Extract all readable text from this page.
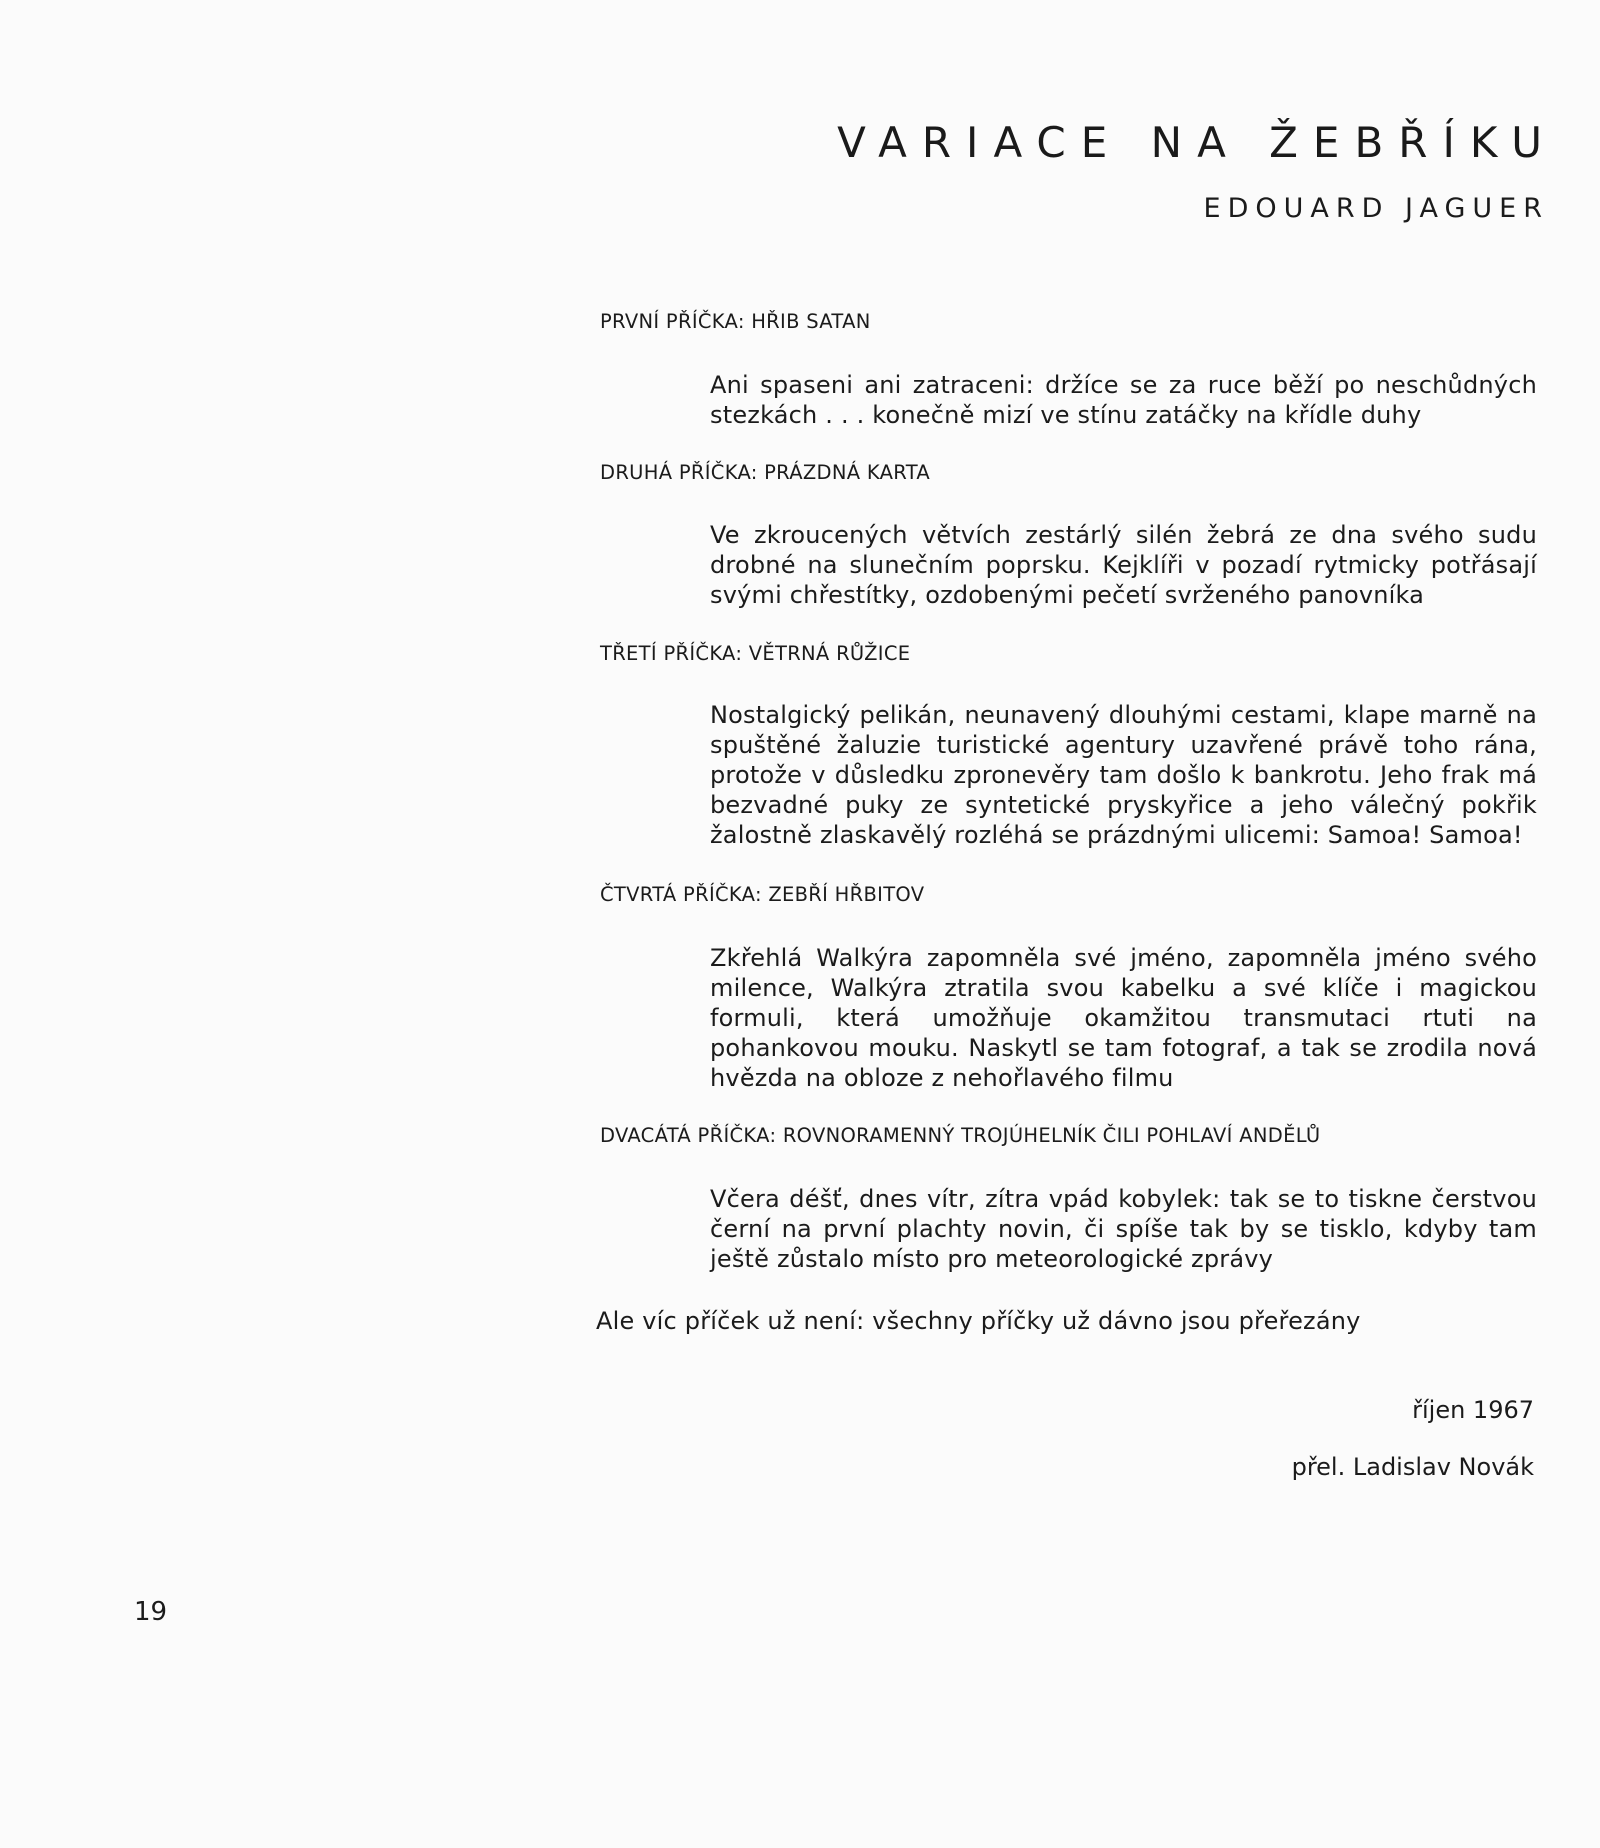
VARIACE NA ŽEBŘÍKU
EDOUARD JAGUER
PRVNÍ PŘÍČKA: HŘIB SATAN
Ani spaseni ani zatraceni: držíce se za ruce běží po neschůdných stezkách . . . konečně mizí ve stínu zatáčky na křídle duhy
DRUHÁ PŘÍČKA: PRÁZDNÁ KARTA
Ve zkroucených větvích zestárlý silén žebrá ze dna svého sudu drobné na slunečním poprsku. Kejklíři v pozadí rytmicky potřásají svými chřestítky, ozdobenými pečetí svrženého panovníka
TŘETÍ PŘÍČKA: VĚTRNÁ RŮŽICE
Nostalgický pelikán, neunavený dlouhými cestami, klape marně na spuštěné žaluzie turistické agentury uzavřené právě toho rána, protože v důsledku zpronevěry tam došlo k bankrotu. Jeho frak má bezvadné puky ze syntetické pryskyřice a jeho válečný pokřik žalostně zlaskavělý rozléhá se prázdnými ulicemi: Samoa! Samoa!
ČTVRTÁ PŘÍČKA: ZEBŘÍ HŘBITOV
Zkřehlá Walkýra zapomněla své jméno, zapomněla jméno svého milence, Walkýra ztratila svou kabelku a své klíče i magickou formuli, která umožňuje okamžitou transmutaci rtuti na pohankovou mouku. Naskytl se tam fotograf, a tak se zrodila nová hvězda na obloze z nehořlavého filmu
DVACÁTÁ PŘÍČKA: ROVNORAMENNÝ TROJÚHELNÍK ČILI POHLAVÍ ANDĚLŮ
Včera déšť, dnes vítr, zítra vpád kobylek: tak se to tiskne čerstvou černí na první plachty novin, či spíše tak by se tisklo, kdyby tam ještě zůstalo místo pro meteorologické zprávy
Ale víc příček už není: všechny příčky už dávno jsou přeřezány
říjen 1967
přel. Ladislav Novák
19
